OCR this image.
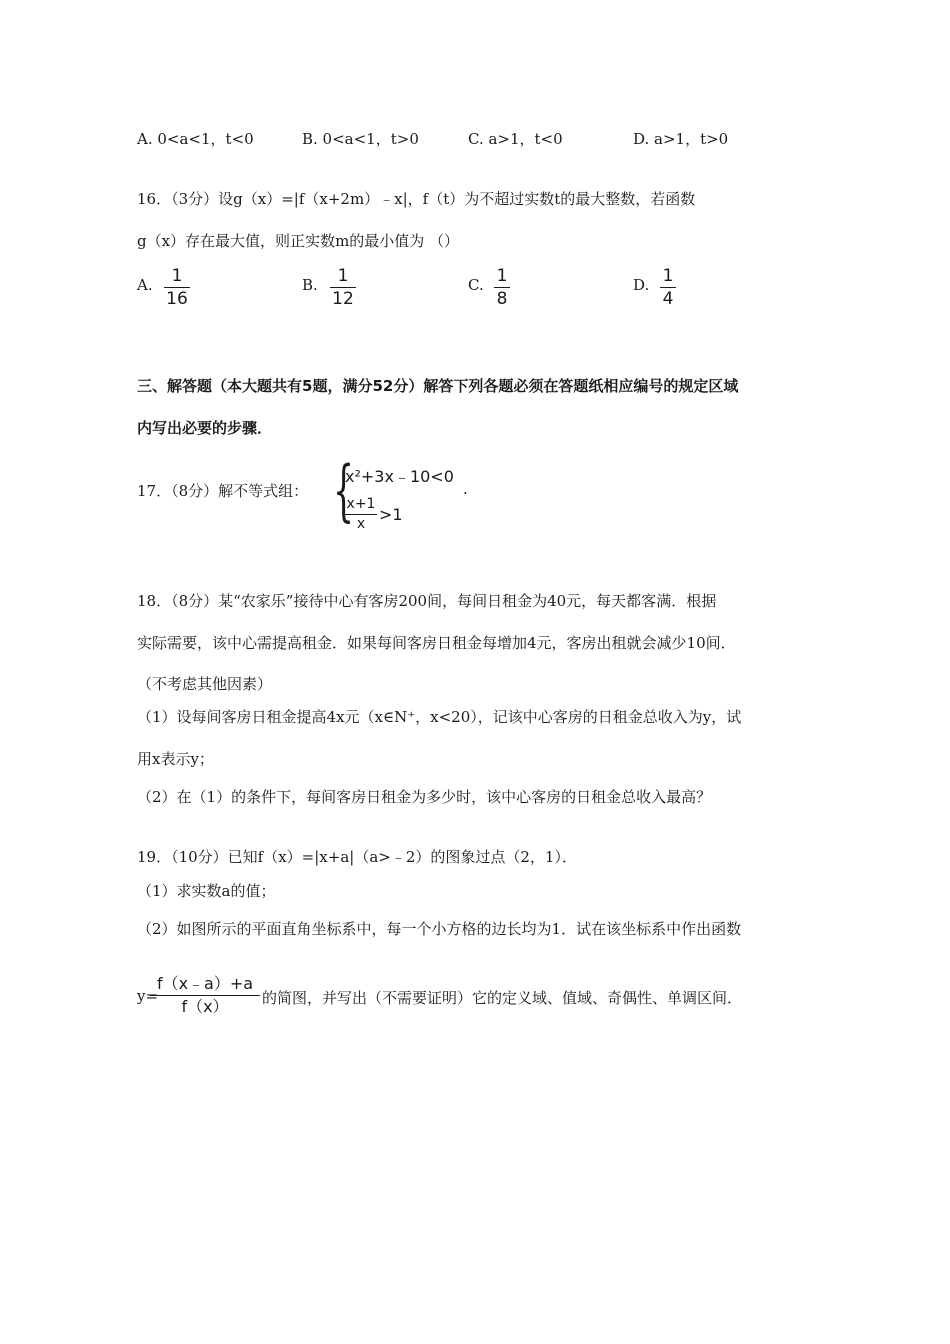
A. 0<a<1，t<0	B. 0<a<1，t>0	C. a>1，t<0	D. a>1，t>0
16．（3分）设g（x）=|f（x+2m）﹣x|，f（t）为不超过实数t的最大整数，若函数
g（x）存在最大值，则正实数m的最小值为 （）
A.	1
16
B.	1
12
C. 1
8
D. 1
4
三、解答题（本大题共有5题，满分52分）解答下列各题必须在答题纸相应编号的规定区域
内写出必要的步骤．
17．（8分）解不等式组： {
x²+3x﹣10<0
x+1
x >1
.
18．（8分）某“农家乐”接待中心有客房200间，每间日租金为40元，每天都客满．根据
实际需要，该中心需提高租金．如果每间客房日租金每增加4元，客房出租就会减少10间．
（不考虑其他因素）
（1）设每间客房日租金提高4x元（x∈N⁺，x<20），记该中心客房的日租金总收入为y，试
用x表示y；
（2）在（1）的条件下，每间客房日租金为多少时，该中心客房的日租金总收入最高？
19．（10分）已知f（x）=|x+a|（a>﹣2）的图象过点（2，1）．
（1）求实数a的值；
（2）如图所示的平面直角坐标系中，每一个小方格的边长均为1．试在该坐标系中作出函数
y=
f（x﹣a）+a
f（x）	的简图，并写出（不需要证明）它的定义域、值域、奇偶性、单调区间．
